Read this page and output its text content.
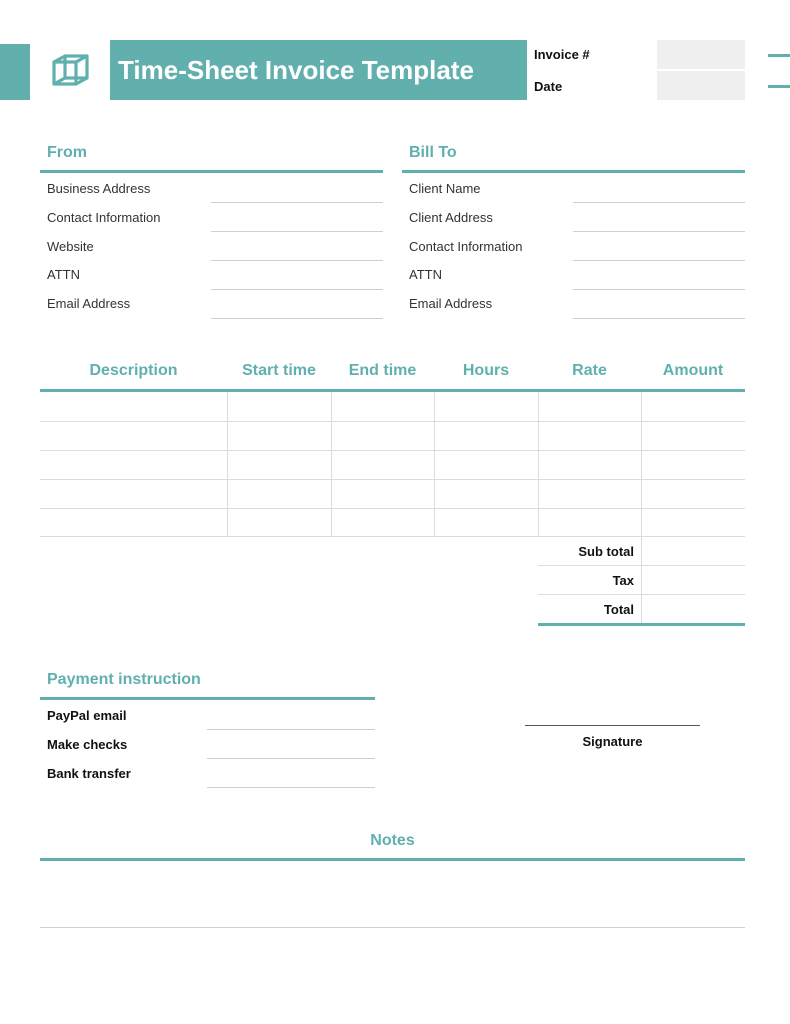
Time-Sheet Invoice Template	Invoice #
Date
From
Business Address
Contact Information
Website
ATTN
Email Address
Bill To
Client Name
Client Address
Contact Information
ATTN
Email Address
Description	Start time	End time	Hours	Rate	Amount
Sub total
Tax
Total
Payment instruction
PayPal email
Make checks
Bank transfer
Signature
Notes
